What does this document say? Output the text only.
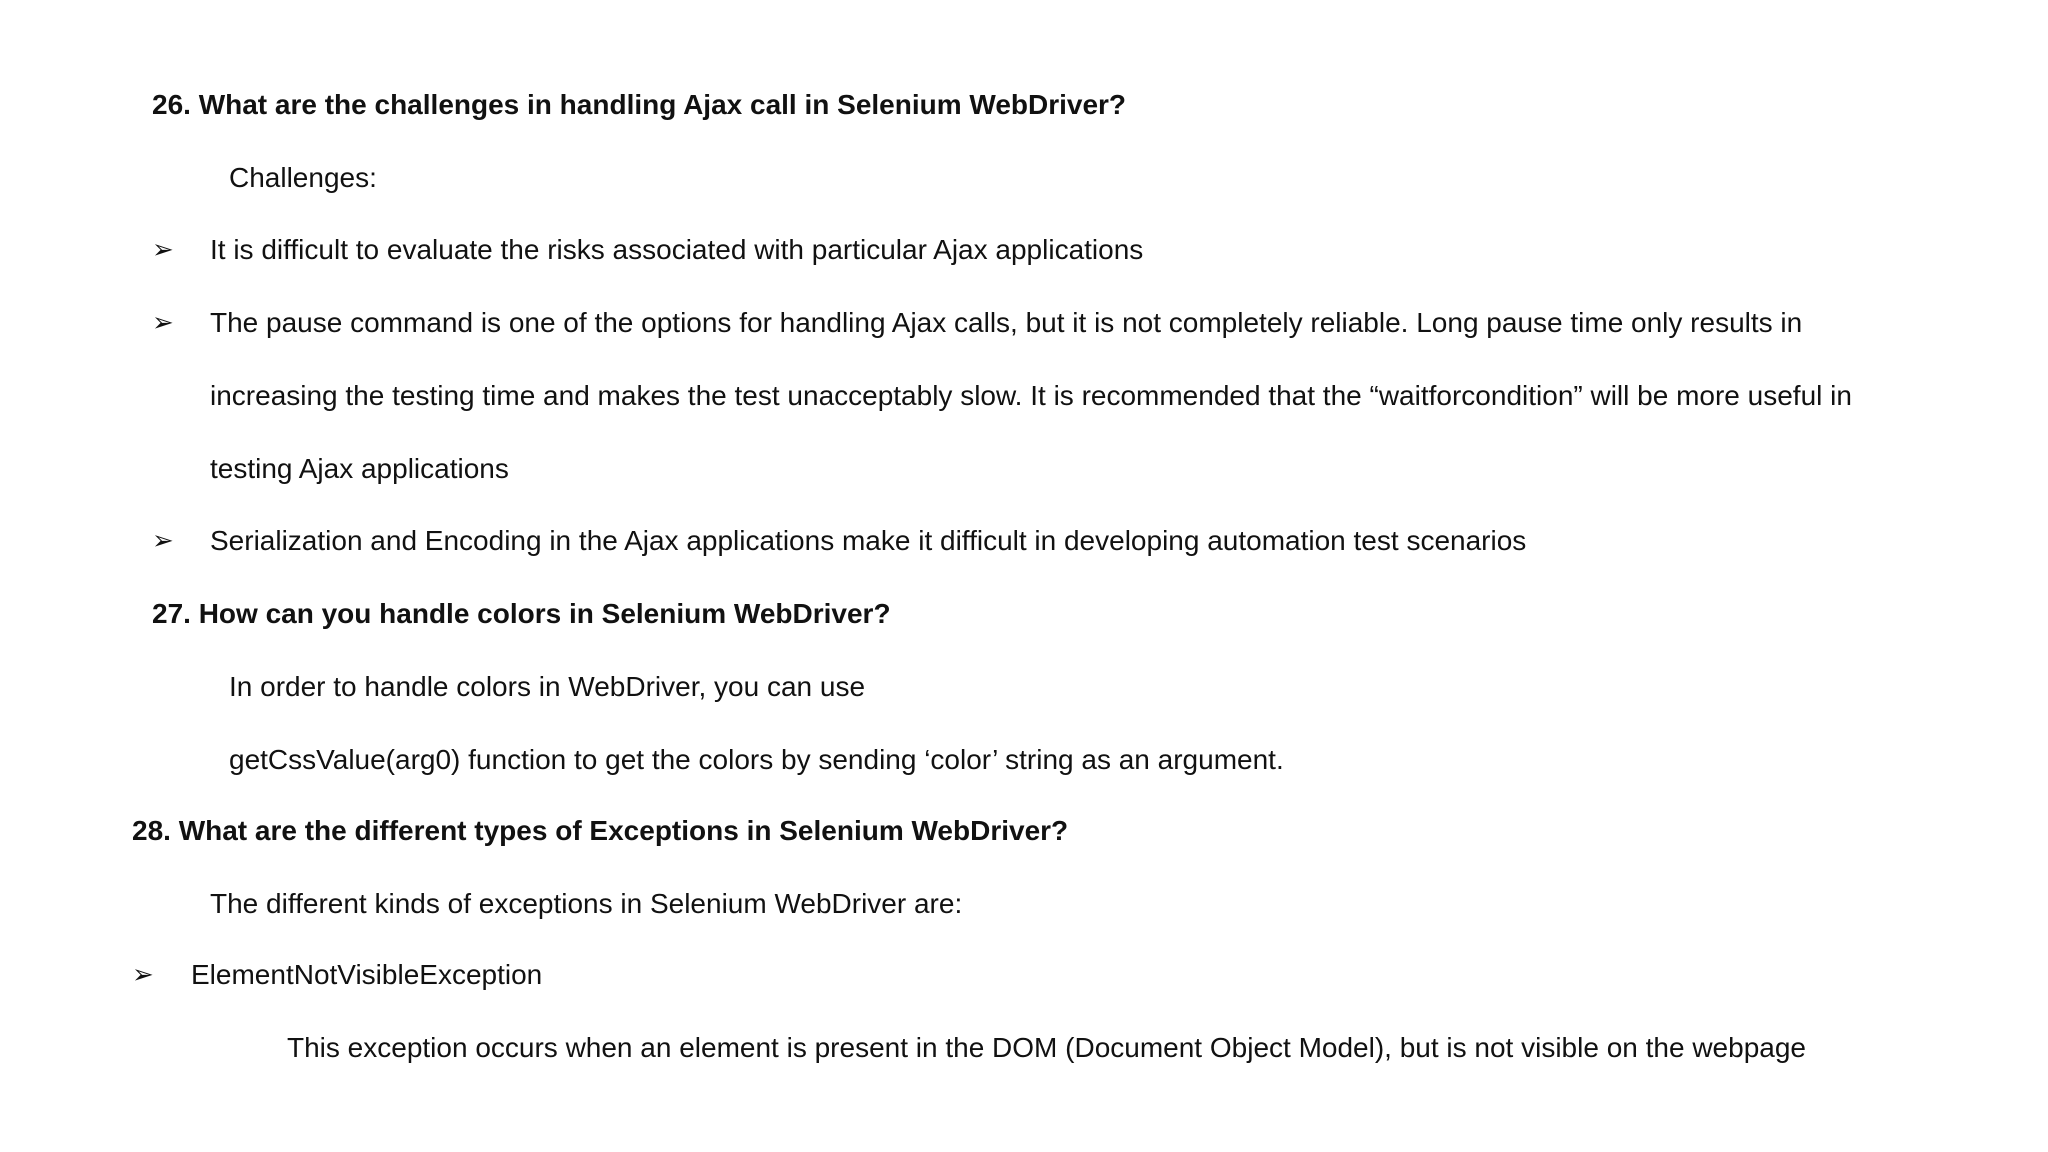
26. What are the challenges in handling Ajax call in Selenium WebDriver?
Challenges:
➢ It is difficult to evaluate the risks associated with particular Ajax applications
➢ The pause command is one of the options for handling Ajax calls, but it is not completely reliable. Long pause time only results in
increasing the testing time and makes the test unacceptably slow. It is recommended that the “waitforcondition” will be more useful in
testing Ajax applications
➢ Serialization and Encoding in the Ajax applications make it difficult in developing automation test scenarios
27. How can you handle colors in Selenium WebDriver?
In order to handle colors in WebDriver, you can use
getCssValue(arg0) function to get the colors by sending ‘color’ string as an argument.
28. What are the different types of Exceptions in Selenium WebDriver?
The different kinds of exceptions in Selenium WebDriver are:
➢ ElementNotVisibleException
This exception occurs when an element is present in the DOM (Document Object Model), but is not visible on the webpage
